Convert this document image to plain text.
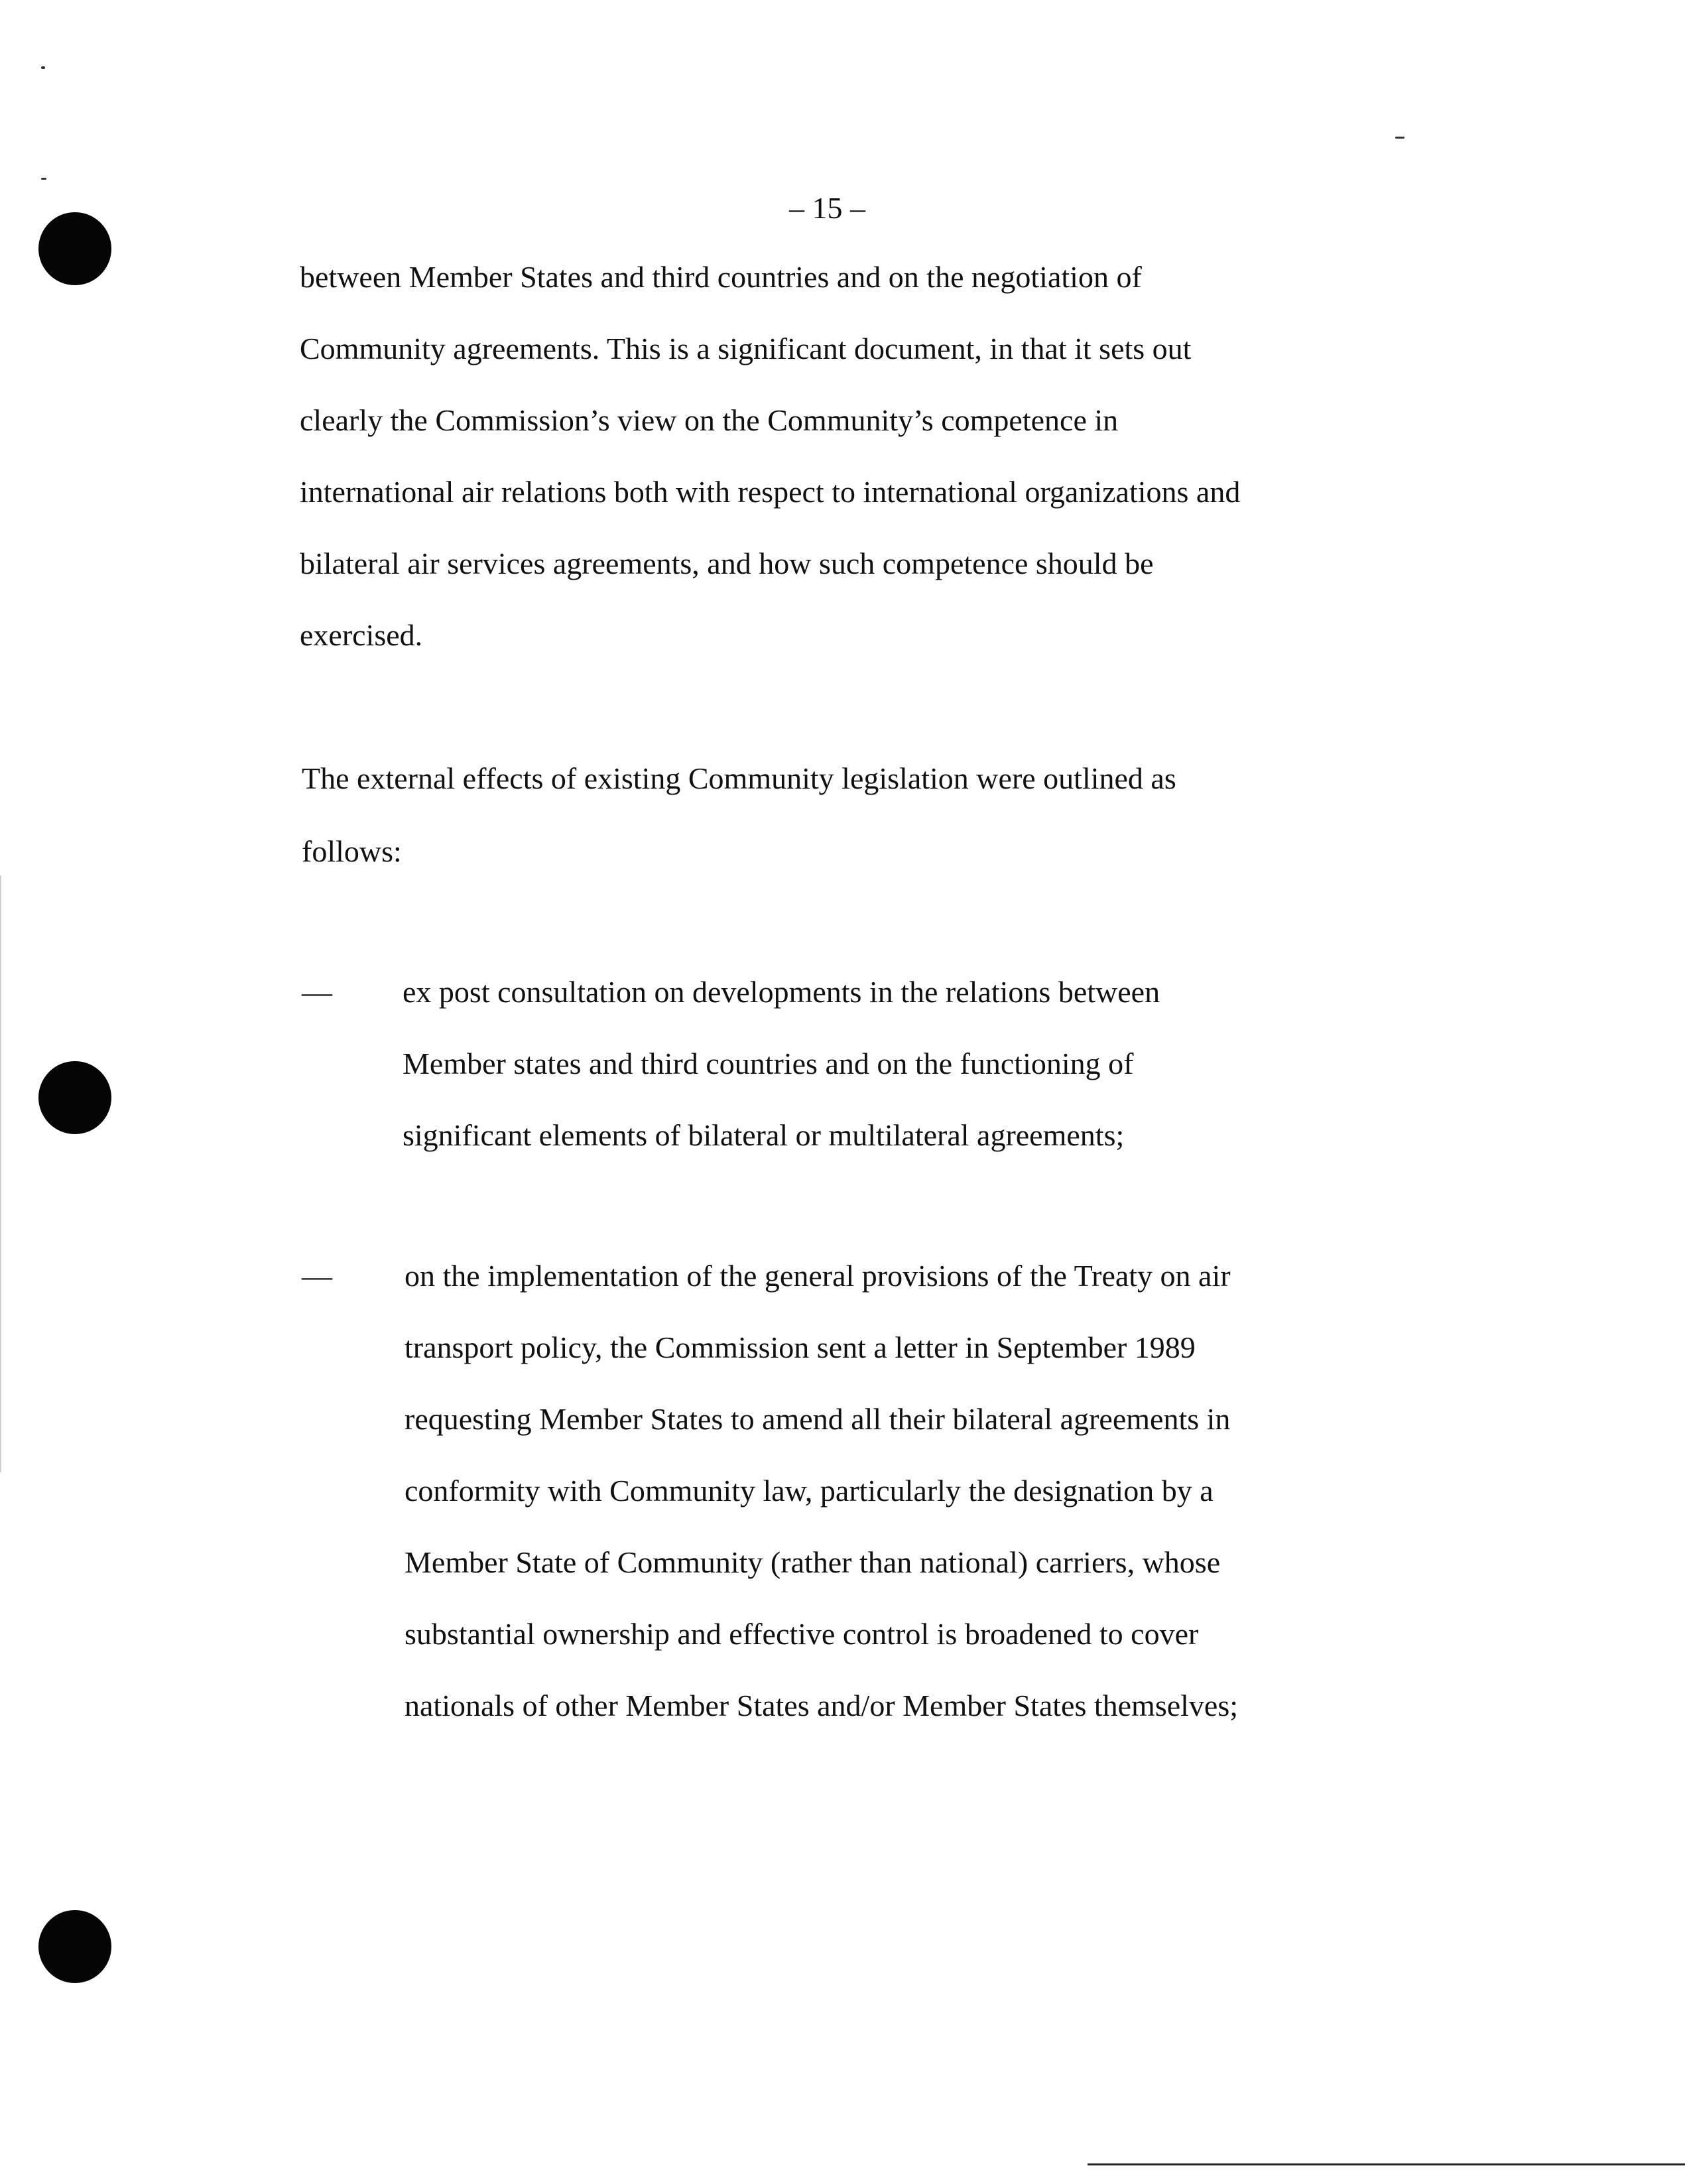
– 15 –
between Member States and third countries and on the negotiation of
Community agreements. This is a significant document, in that it sets out
clearly the Commission’s view on the Community’s competence in
international air relations both with respect to international organizations and
bilateral air services agreements, and how such competence should be
exercised.
The external effects of existing Community legislation were outlined as
follows:
— ex post consultation on developments in the relations between
Member states and third countries and on the functioning of
significant elements of bilateral or multilateral agreements;
— on the implementation of the general provisions of the Treaty on air
transport policy, the Commission sent a letter in September 1989
requesting Member States to amend all their bilateral agreements in
conformity with Community law, particularly the designation by a
Member State of Community (rather than national) carriers, whose
substantial ownership and effective control is broadened to cover
nationals of other Member States and/or Member States themselves;
